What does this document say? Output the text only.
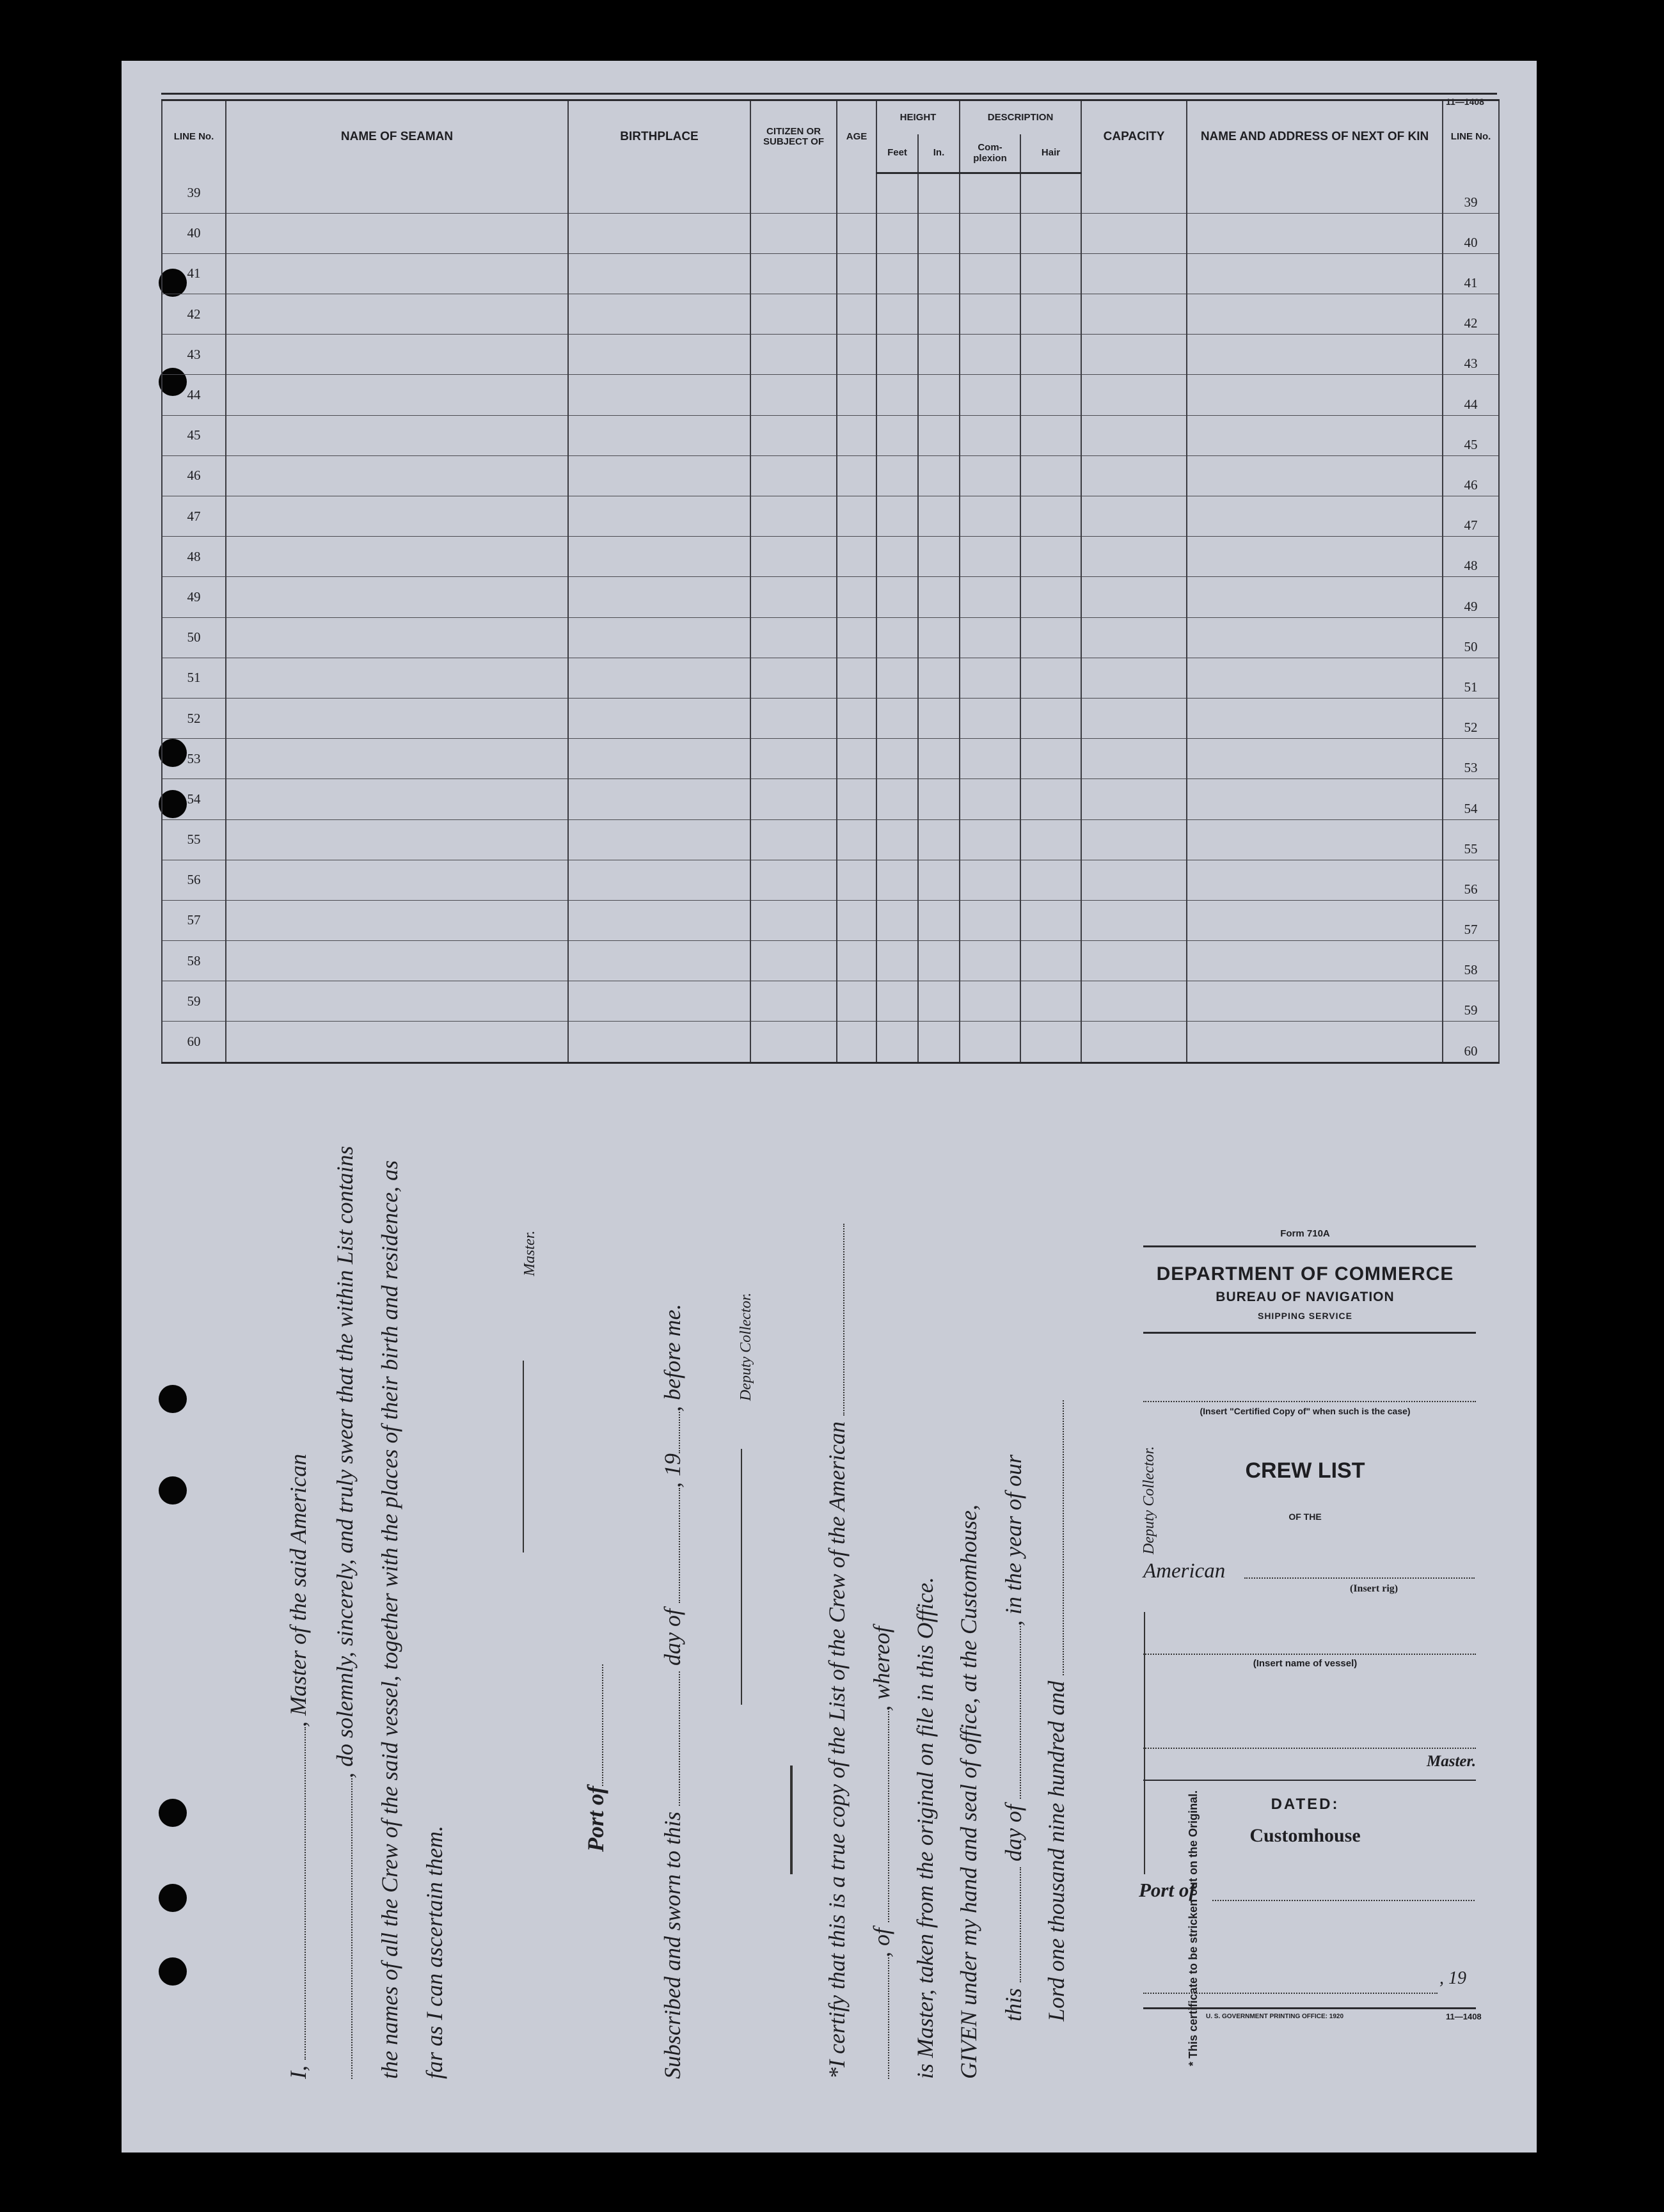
11—1408
LINE No.	NAME OF SEAMAN	BIRTHPLACE	CITIZEN OR SUBJECT OF	AGE	HEIGHT		DESCRIPTION		CAPACITY	NAME AND ADDRESS OF NEXT OF KIN	LINE No.
					Feet	In.	Com-plexion	Hair			
39											39
40											40
41											41
42											42
43											43
44											44
45											45
46											46
47											47
48											48
49											49
50											50
51											51
52											52
53											53
54											54
55											55
56											56
57											57
58											58
59											59
60											60
I, , Master of the said American , do solemnly, sincerely, and truly swear that the within List contains the names of all the Crew of the said vessel, together with the places of their birth and residence, as far as I can ascertain them.
Master.
Port of Subscribed and sworn to this  day of , 19, before me.	Deputy Collector.
*I certify that this is a true copy of the List of the Crew of the American , of , whereof is Master, taken from the original on file in this Office. GIVEN under my hand and seal of office, at the Customhouse, this  day of , in the year of our
Lord one thousand nine hundred and
Deputy Collector.
* This certificate to be stricken out on the Original.
Form 710A
DEPARTMENT OF COMMERCE
BUREAU OF NAVIGATION
SHIPPING SERVICE
(Insert "Certified Copy of" when such is the case)
CREW LIST
OF THE
American
(Insert rig)
(Insert name of vessel)
Master.
DATED:
Customhouse
Port of
, 19
U. S. GOVERNMENT PRINTING OFFICE: 1920	11—1408
